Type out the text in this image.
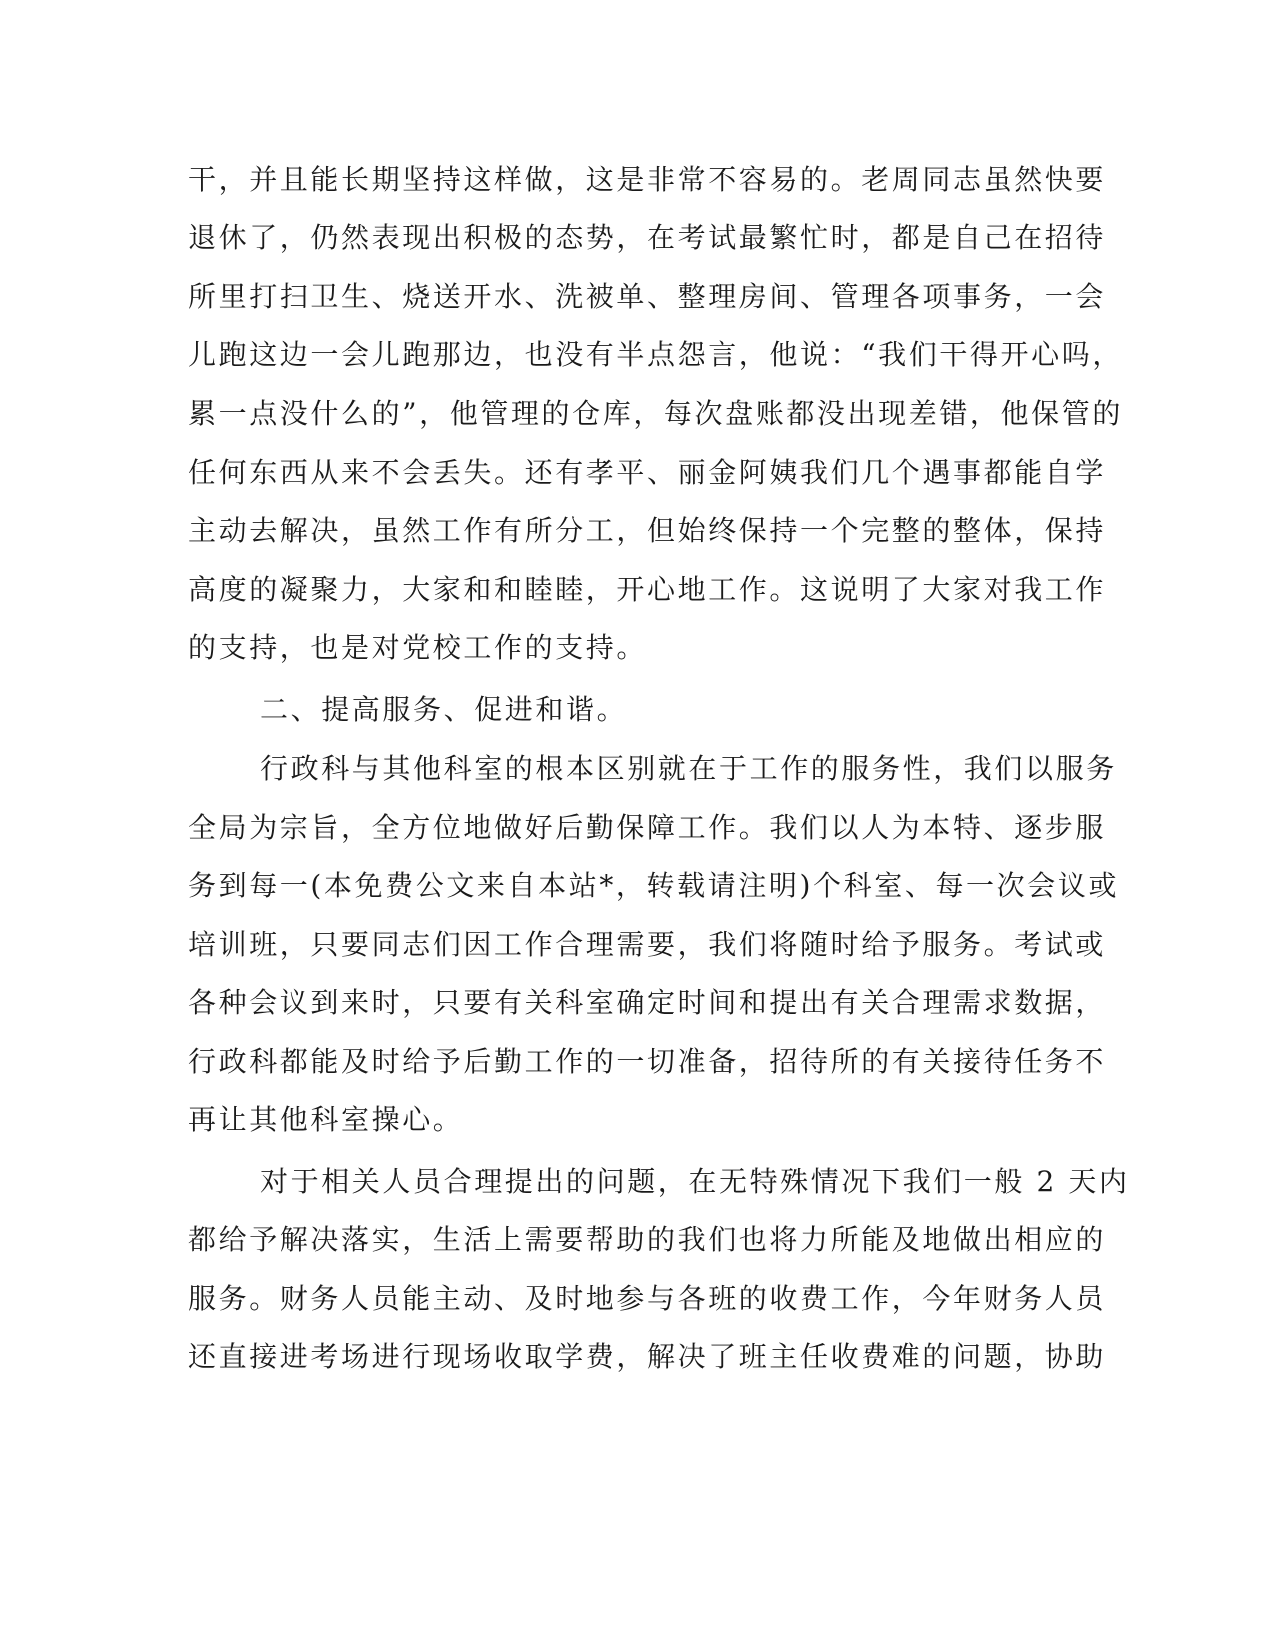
干，并且能长期坚持这样做，这是非常不容易的。老周同志虽然快要

退休了，仍然表现出积极的态势，在考试最繁忙时，都是自己在招待

所里打扫卫生、烧送开水、洗被单、整理房间、管理各项事务，一会

儿跑这边一会儿跑那边，也没有半点怨言，他说：“我们干得开心吗，

累一点没什么的”，他管理的仓库，每次盘账都没出现差错，他保管的

任何东西从来不会丢失。还有孝平、丽金阿姨我们几个遇事都能自学

主动去解决，虽然工作有所分工，但始终保持一个完整的整体，保持

高度的凝聚力，大家和和睦睦，开心地工作。这说明了大家对我工作

的支持，也是对党校工作的支持。

二、提高服务、促进和谐。

行政科与其他科室的根本区别就在于工作的服务性，我们以服务

全局为宗旨，全方位地做好后勤保障工作。我们以人为本特、逐步服

务到每一(本免费公文来自本站*，转载请注明)个科室、每一次会议或

培训班，只要同志们因工作合理需要，我们将随时给予服务。考试或

各种会议到来时，只要有关科室确定时间和提出有关合理需求数据，

行政科都能及时给予后勤工作的一切准备，招待所的有关接待任务不

再让其他科室操心。

对于相关人员合理提出的问题，在无特殊情况下我们一般 2 天内

都给予解决落实，生活上需要帮助的我们也将力所能及地做出相应的

服务。财务人员能主动、及时地参与各班的收费工作，今年财务人员

还直接进考场进行现场收取学费，解决了班主任收费难的问题，协助
